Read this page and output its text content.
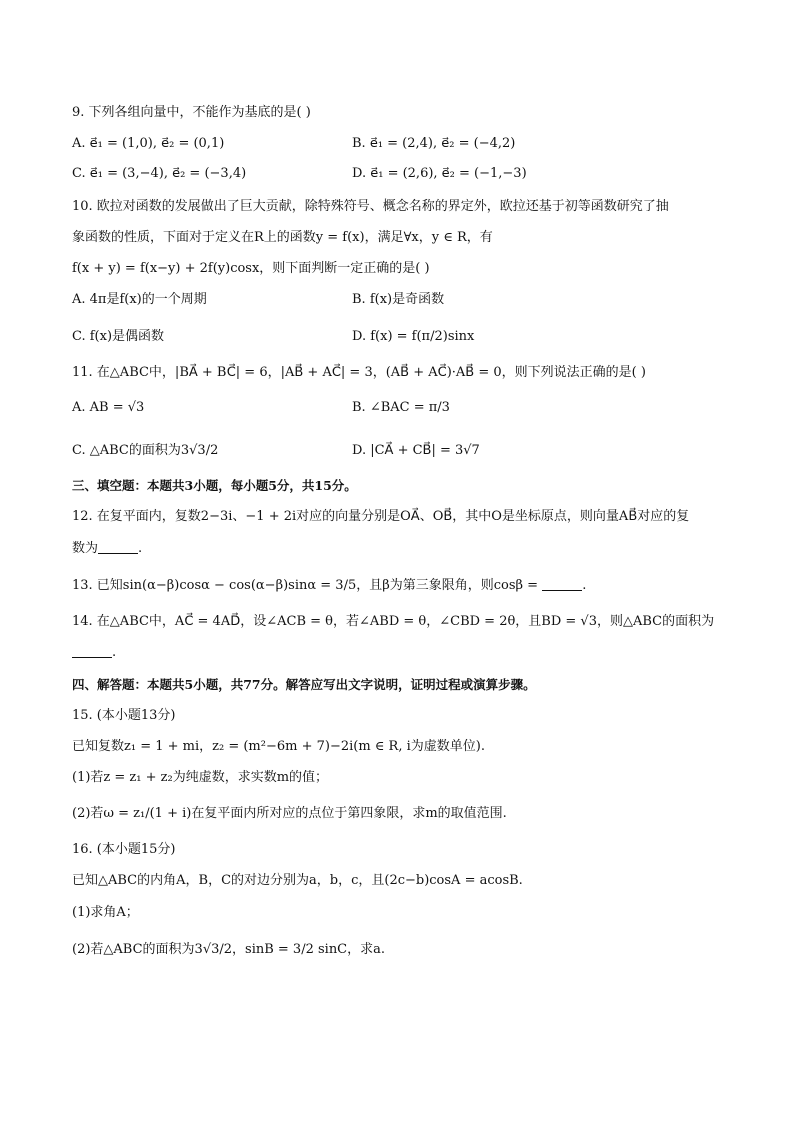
9. 下列各组向量中，不能作为基底的是( )
A. e⃗₁ = (1,0), e⃗₂ = (0,1)	B. e⃗₁ = (2,4), e⃗₂ = (−4,2)
C. e⃗₁ = (3,−4), e⃗₂ = (−3,4)	D. e⃗₁ = (2,6), e⃗₂ = (−1,−3)
10. 欧拉对函数的发展做出了巨大贡献，除特殊符号、概念名称的界定外，欧拉还基于初等函数研究了抽
象函数的性质，下面对于定义在R上的函数y = f(x)，满足∀x，y ∈ R，有
f(x + y) = f(x−y) + 2f(y)cosx，则下面判断一定正确的是( )
A. 4π是f(x)的一个周期	B. f(x)是奇函数
C. f(x)是偶函数	D. f(x) = f(π/2)sinx
11. 在△ABC中，|BA⃗ + BC⃗| = 6，|AB⃗ + AC⃗| = 3，(AB⃗ + AC⃗)·AB⃗ = 0，则下列说法正确的是( )
A. AB = √3	B. ∠BAC = π/3
C. △ABC的面积为3√3/2	D. |CA⃗ + CB⃗| = 3√7
三、填空题：本题共3小题，每小题5分，共15分。
12. 在复平面内，复数2−3i、−1 + 2i对应的向量分别是OA⃗、OB⃗，其中O是坐标原点，则向量AB⃗对应的复
数为	.
13. 已知sin(α−β)cosα − cos(α−β)sinα = 3/5，且β为第三象限角，则cosβ =	.
14. 在△ABC中，AC⃗ = 4AD⃗，设∠ACB = θ，若∠ABD = θ，∠CBD = 2θ，且BD = √3，则△ABC的面积为
.
四、解答题：本题共5小题，共77分。解答应写出文字说明，证明过程或演算步骤。
15. (本小题13分)
已知复数z₁ = 1 + mi，z₂ = (m²−6m + 7)−2i(m ∈ R, i为虚数单位).
(1)若z = z₁ + z₂为纯虚数，求实数m的值；
(2)若ω = z₁/(1 + i)在复平面内所对应的点位于第四象限，求m的取值范围.
16. (本小题15分)
已知△ABC的内角A，B，C的对边分别为a，b，c，且(2c−b)cosA = acosB.
(1)求角A；
(2)若△ABC的面积为3√3/2，sinB = 3/2 sinC，求a.
